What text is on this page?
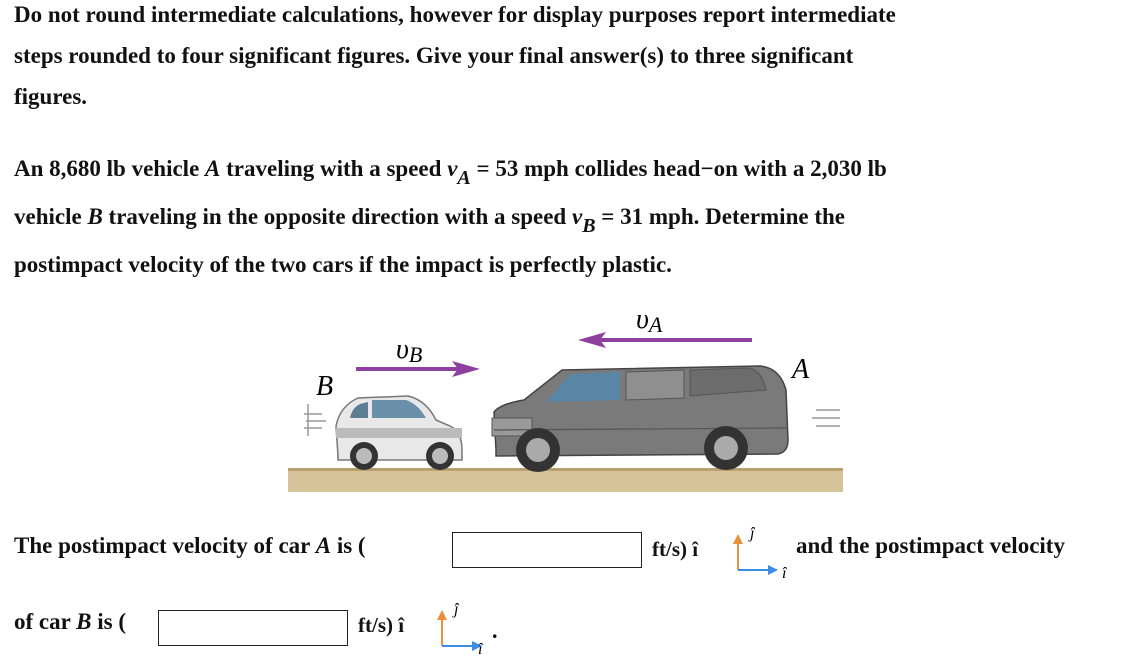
Do not round intermediate calculations, however for display purposes report intermediate
steps rounded to four significant figures. Give your final answer(s) to three significant
figures.
An 8,680 lb vehicle A traveling with a speed vA = 53 mph collides head−on with a 2,030 lb
vehicle B traveling in the opposite direction with a speed vB = 31 mph. Determine the
postimpact velocity of the two cars if the impact is perfectly plastic.
υB
υA
B
A
The postimpact velocity of car A is (	ft/s) î
ĵ
î
and the postimpact velocity
of car B is (	ft/s) î
ĵ
î
.
